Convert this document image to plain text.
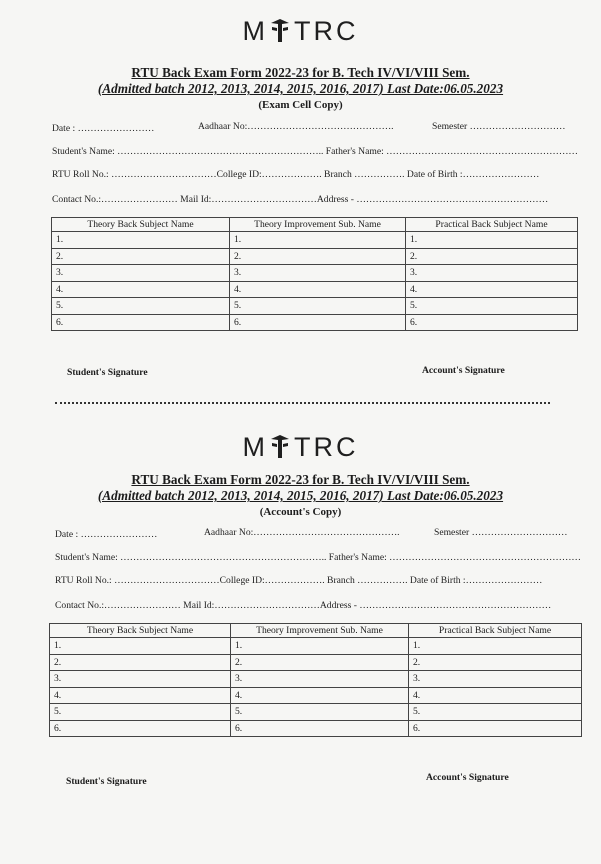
M TRC
RTU Back Exam Form 2022-23 for B. Tech IV/VI/VIII Sem.
(Admitted batch 2012, 2013, 2014, 2015, 2016, 2017) Last Date:06.05.2023
(Exam Cell Copy)
Date : ……………………	Aadhaar No:……………………………………….	Semester …………………………
Student's Name: ……………………………………………………….. Father's Name: ……………………………………………………
RTU Roll No.: ……………………………College ID:………………. Branch ……………. Date of Birth :……………………
Contact No.:…………………… Mail Id:……………………………Address - ……………………………………………………
Theory Back Subject Name	Theory Improvement Sub. Name	Practical Back Subject Name
1.	1.	1.
2.	2.	2.
3.	3.	3.
4.	4.	4.
5.	5.	5.
6.	6.	6.
Student's Signature	Account's Signature
M TRC
RTU Back Exam Form 2022-23 for B. Tech IV/VI/VIII Sem.
(Admitted batch 2012, 2013, 2014, 2015, 2016, 2017) Last Date:06.05.2023
(Account's Copy)
Date : ……………………	Aadhaar No:……………………………………….	Semester …………………………
Student's Name: ……………………………………………………….. Father's Name: ……………………………………………………
RTU Roll No.: ……………………………College ID:………………. Branch ……………. Date of Birth :……………………
Contact No.:…………………… Mail Id:……………………………Address - ……………………………………………………
Theory Back Subject Name	Theory Improvement Sub. Name	Practical Back Subject Name
1.	1.	1.
2.	2.	2.
3.	3.	3.
4.	4.	4.
5.	5.	5.
6.	6.	6.
Student's Signature	Account's Signature
